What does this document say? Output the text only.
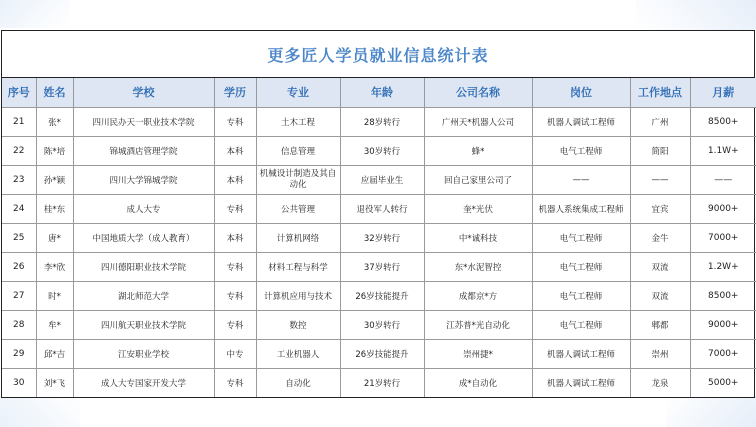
更多匠人学员就业信息统计表
序号	姓名	学校	学历	专业	年龄	公司名称	岗位	工作地点	月薪
21	张*	四川民办天一职业技术学院	专科	土木工程	28岁转行	广州天*机器人公司	机器人调试工程师	广州	8500+
22	陈*培	锦城酒店管理学院	本科	信息管理	30岁转行	蜂*	电气工程师	简阳	1.1W+
23	孙*颖	四川大学锦城学院	本科	机械设计制造及其自动化	应届毕业生	回自己家里公司了	——	——	——
24	桂*东	成人大专	专科	公共管理	退役军人转行	奎*光伏	机器人系统集成工程师	宜宾	9000+
25	唐*	中国地质大学（成人教育）	本科	计算机网络	32岁转行	中*诚科技	电气工程师	金牛	7000+
26	李*欣	四川德阳职业技术学院	专科	材料工程与科学	37岁转行	东*水泥智控	电气工程师	双流	1.2W+
27	时*	湖北师范大学	专科	计算机应用与技术	26岁技能提升	成都京*方	电气工程师	双流	8500+
28	牟*	四川航天职业技术学院	专科	数控	30岁转行	江苏普*光自动化	电气工程师	郫都	9000+
29	邱*吉	江安职业学校	中专	工业机器人	26岁技能提升	崇州捷*	机器人调试工程师	崇州	7000+
30	刘*飞	成人大专国家开发大学	专科	自动化	21岁转行	成*自动化	机器人调试工程师	龙泉	5000+
